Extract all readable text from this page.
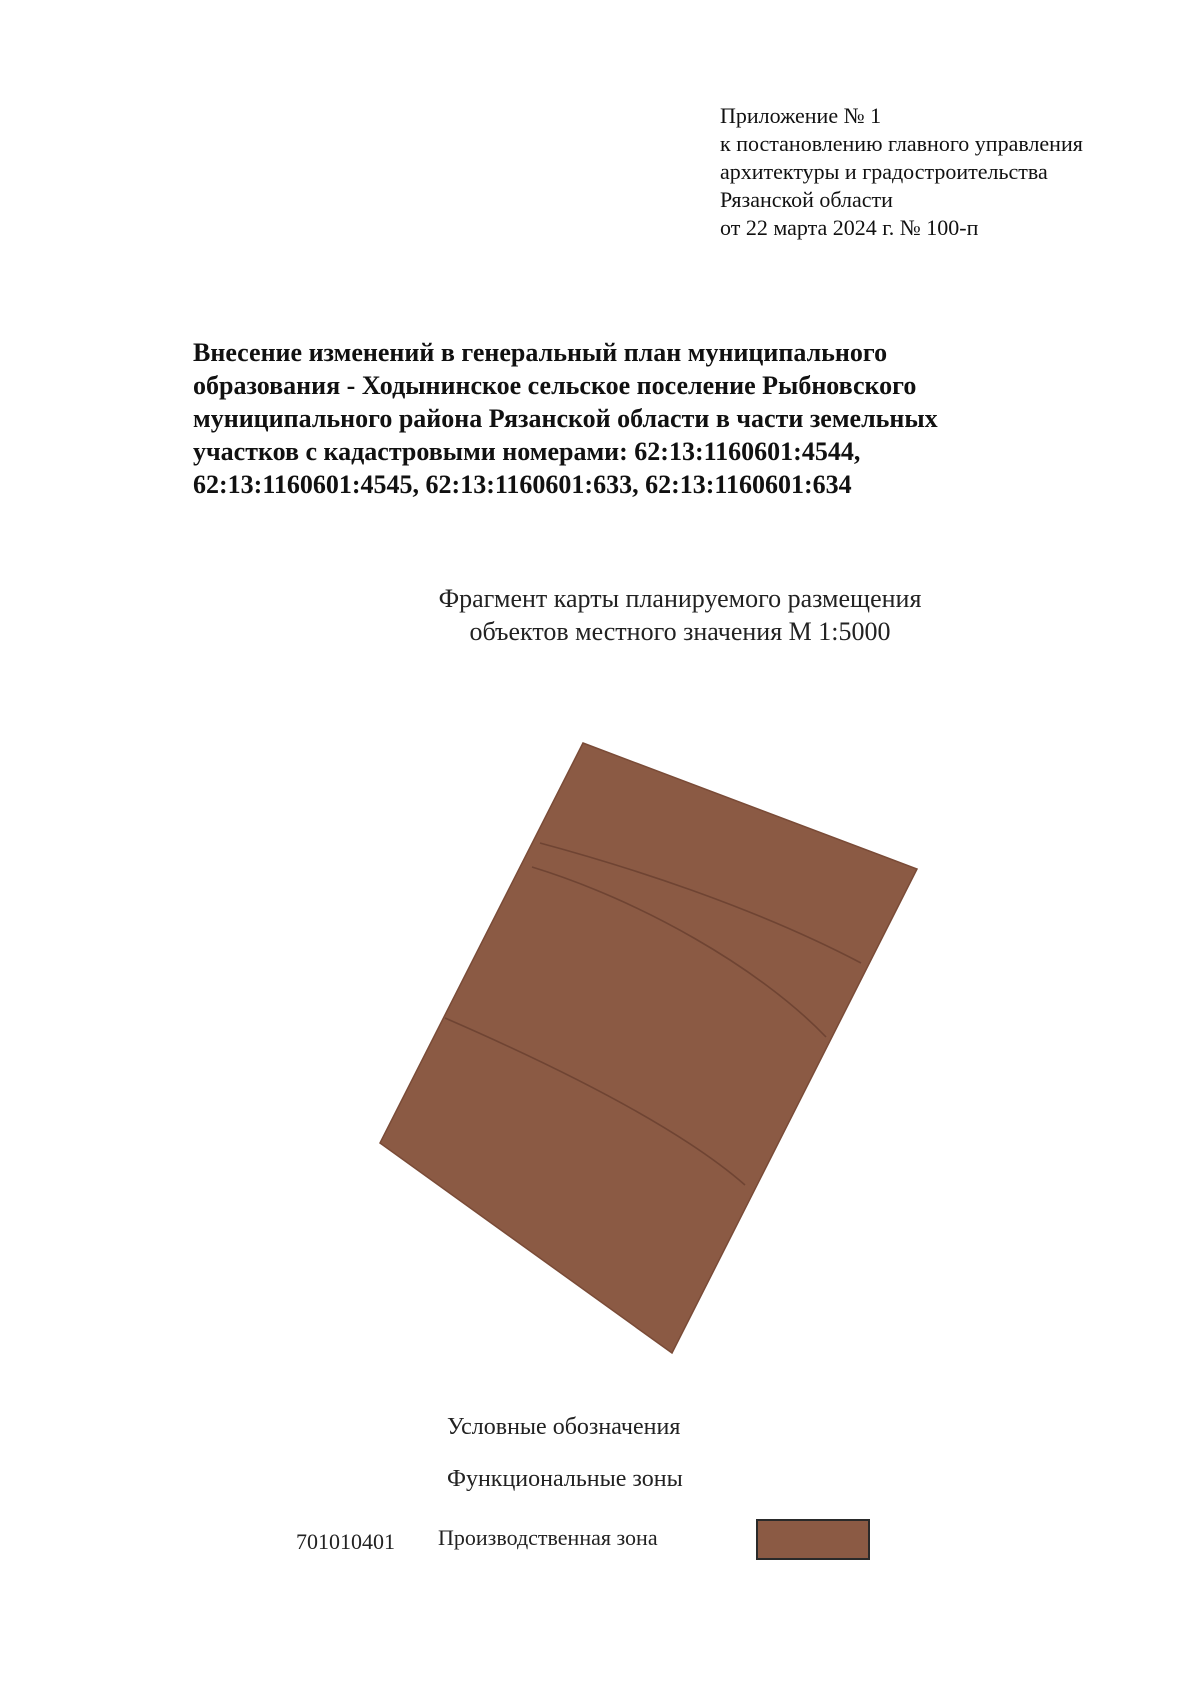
Приложение № 1
к постановлению главного управления
архитектуры и градостроительства
Рязанской области
от 22 марта 2024 г. № 100-п
Внесение изменений в генеральный план муниципального
образования - Ходынинское сельское поселение Рыбновского
муниципального района Рязанской области в части земельных
участков с кадастровыми номерами: 62:13:1160601:4544,
62:13:1160601:4545, 62:13:1160601:633, 62:13:1160601:634
Фрагмент карты планируемого размещения
объектов местного значения М 1:5000
Условные обозначения
Функциональные зоны
701010401 Производственная зона
